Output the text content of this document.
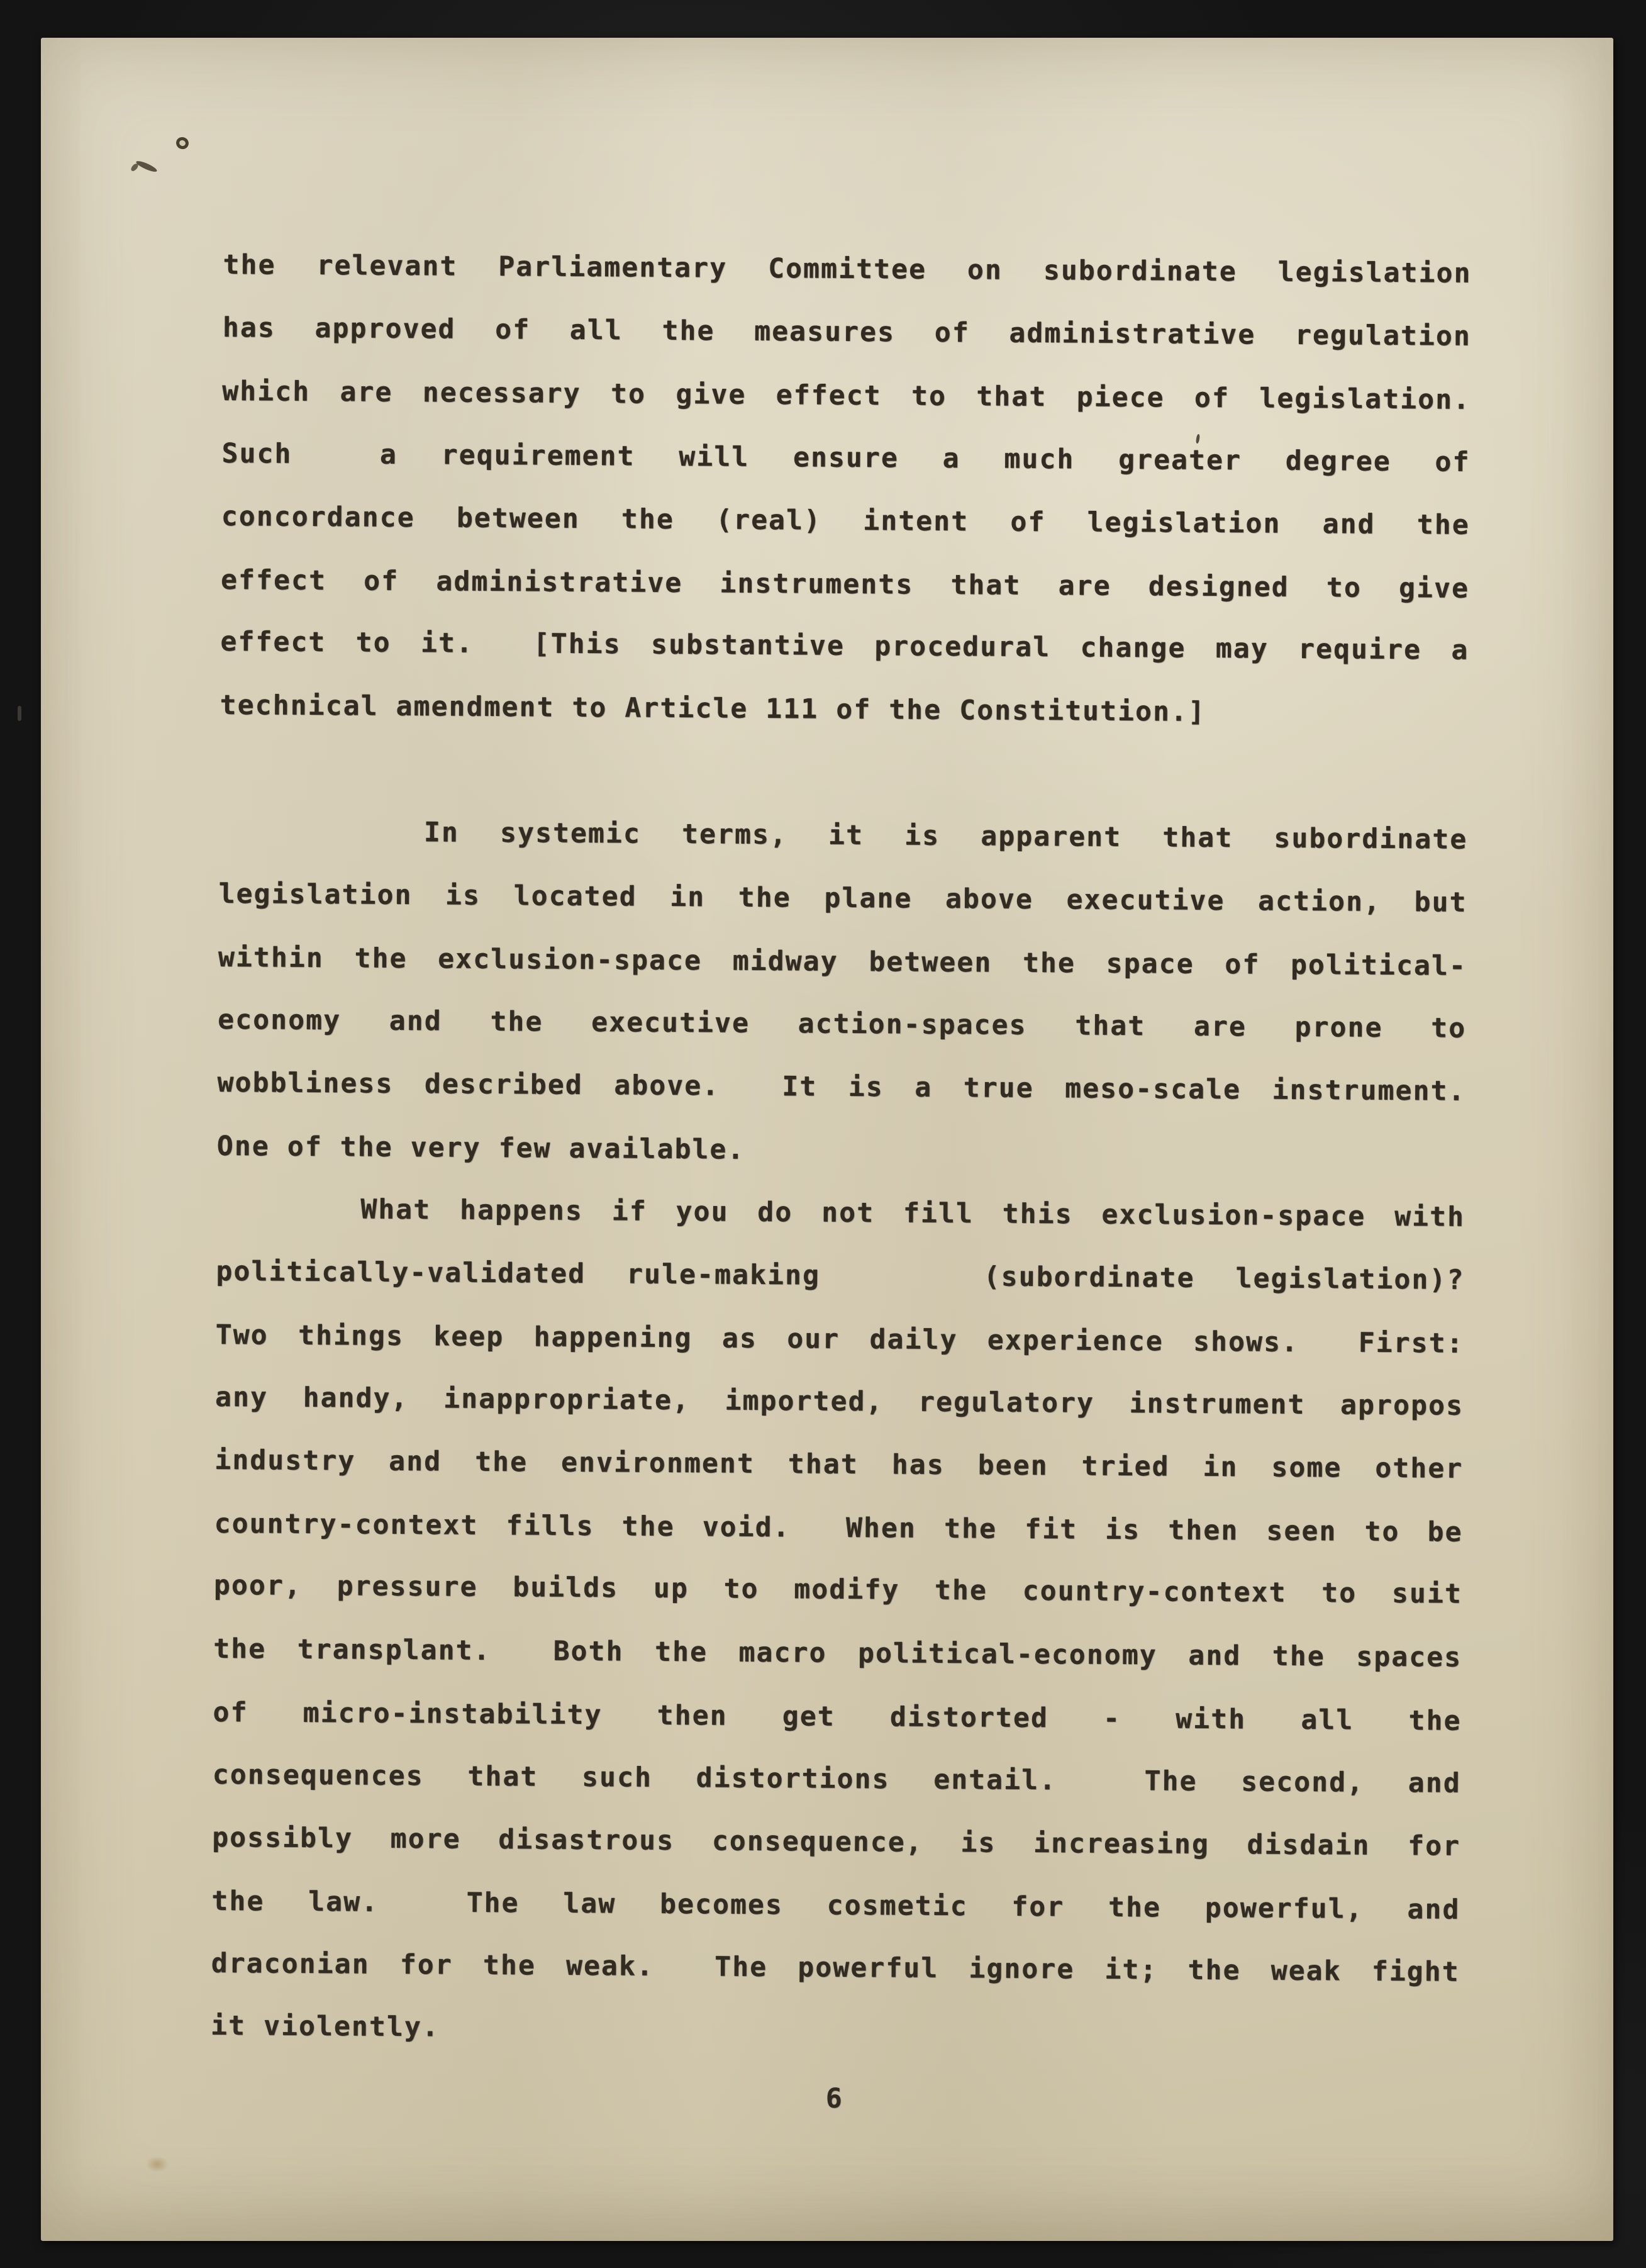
the relevant Parliamentary Committee on subordinate legislation
has approved of all the measures of administrative regulation
which are necessary to give effect to that piece of legislation.
Such  a requirement will ensure a much greater degree of
concordance between the (real) intent of legislation and the
effect of administrative instruments that are designed to give
effect to it.  [This substantive procedural change may require a
technical amendment to Article 111 of the Constitution.]
In systemic terms, it is apparent that subordinate
legislation is located in the plane above executive action, but
within the exclusion-space midway between the space of political-
economy and the executive action-spaces that are prone to
wobbliness described above.  It is a true meso-scale instrument.
One of the very few available.
What happens if you do not fill this exclusion-space with
politically-validated rule-making    (subordinate legislation)?
Two things keep happening as our daily experience shows.  First:
any handy, inappropriate, imported, regulatory instrument apropos
industry and the environment that has been tried in some other
country-context fills the void.  When the fit is then seen to be
poor, pressure builds up to modify the country-context to suit
the transplant.  Both the macro political-economy and the spaces
of micro-instability then get distorted - with all the
consequences that such distortions entail.  The second, and
possibly more disastrous consequence, is increasing disdain for
the law.  The law becomes cosmetic for the powerful, and
draconian for the weak.  The powerful ignore it; the weak fight
it violently.
6
